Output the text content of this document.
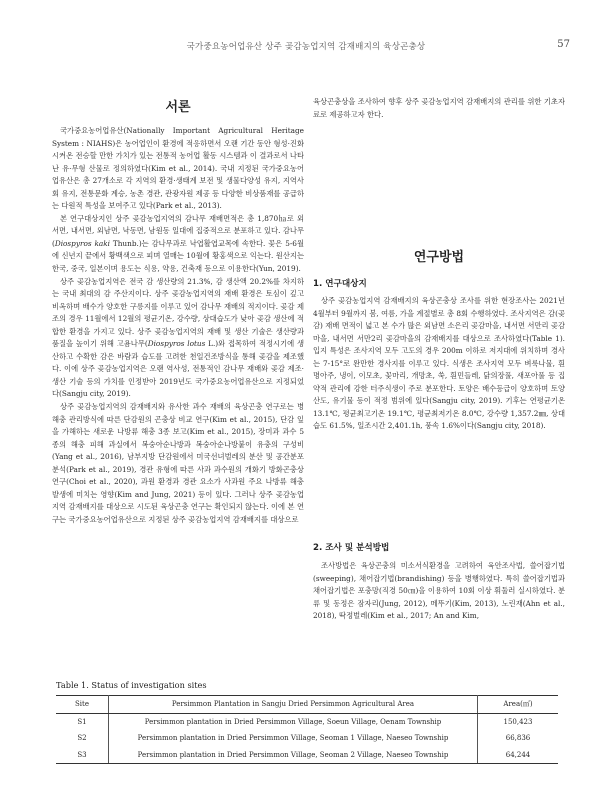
국가중요농어업유산 상주 곶감농업지역 감재배지의 육상곤충상	57
서론

국가중요농어업유산(Nationally Important Agricultural Heritage System : NIAHS)은 농어업인이 환경에 적응하면서 오랜 기간 동안 형성·진화시켜온 전승할 만한 가치가 있는 전통적 농어업 활동 시스템과 이 결과로서 나타난 유·무형 산물로 정의하였다(Kim et al., 2014). 국내 지정된 국가중요농어업유산은 총 27개소로 각 지역의 환경·생태계 보전 및 생물다양성 유지, 지역사회 유지, 전통문화 계승, 농촌 경관, 관광자원 제공 등 다양한 비상품재를 공급하는 다원적 특성을 보여주고 있다(Park et al., 2013).

본 연구대상지인 상주 곶감농업지역의 감나무 재배면적은 총 1,870㏊로 외서면, 내서면, 외남면, 낙동면, 남원동 일대에 집중적으로 분포하고 있다. 감나무(Diospyros kaki Thunb.)는 감나무과로 낙엽활엽교목에 속한다. 꽃은 5-6월에 신년지 끝에서 황백색으로 피며 열매는 10월에 황홍색으로 익는다. 원산지는 한국, 중국, 일본이며 용도는 식용, 약용, 건축재 등으로 이용한다(Yun, 2019).

상주 곶감농업지역은 전국 감 생산량의 21.3%, 감 생산액 20.2%를 차지하는 국내 최대의 감 주산지이다. 상주 곶감농업지역의 재배 환경은 토심이 깊고 비옥하며 배수가 양호한 구릉지를 이루고 있어 감나무 재배의 적지이다. 곶감 제조의 경우 11월에서 12월의 평균기온, 강수량, 상대습도가 낮아 곶감 생산에 적합한 환경을 가지고 있다. 상주 곶감농업지역의 재배 및 생산 기술은 생산량과 품질을 높이기 위해 고욤나무(Diospyros lotus L.)와 접목하여 적정시기에 생산하고 수확한 감은 바람과 습도를 고려한 천일건조방식을 통해 곶감을 제조했다. 이에 상주 곶감농업지역은 오랜 역사성, 전통적인 감나무 재배와 곶감 제조·생산 기술 등의 가치를 인정받아 2019년도 국가중요농어업유산으로 지정되었다(Sangju city, 2019).

상주 곶감농업지역의 감재배지와 유사한 과수 재배의 육상곤충 연구로는 병해충 관리방식에 따른 단감원의 곤충상 비교 연구(Kim et al., 2015), 단감 잎을 가해하는 새로운 나방류 해충 3종 보고(Kim et al., 2015), 장미과 과수 5종의 해충 피해 과실에서 복숭아순나방과 복숭아순나방붙이 유충의 구성비(Yang et al., 2016), 남부지방 단감원에서 미국선녀벌레의 분산 및 공간분포 분석(Park et al., 2019), 경관 유형에 따른 사과 과수원의 개화기 방화곤충상 연구(Choi et al., 2020), 과원 환경과 경관 요소가 사과원 주요 나방류 해충 발생에 미치는 영향(Kim and Jung, 2021) 등이 있다. 그러나 상주 곶감농업지역 감재배지를 대상으로 시도된 육상곤충 연구는 확인되지 않는다. 이에 본 연구는 국가중요농어업유산으로 지정된 상주 곶감농업지역 감재배지를 대상으로

육상곤충상을 조사하여 향후 상주 곶감농업지역 감재배지의 관리를 위한 기초자료로 제공하고자 한다.

연구방법
1. 연구대상지

상주 곶감농업지역 감재배지의 육상곤충상 조사를 위한 현장조사는 2021년 4월부터 9월까지 봄, 여름, 가을 계절별로 총 8회 수행하였다. 조사지역은 감(곶감) 재배 면적이 넓고 본 수가 많은 외남면 소은리 곶감마을, 내서면 서만리 곶감마을, 내서면 서만2리 곶감마을의 감재배지를 대상으로 조사하였다(Table 1). 입지 특성은 조사지역 모두 고도의 경우 200m 이하로 저지대에 위치하며 경사는 7-15°로 완만한 경사지를 이루고 있다. 식생은 조사지역 모두 벼룩나물, 흰명아주, 냉이, 이모초, 꽃마리, 개망초, 쑥, 흰민들레, 닭의장풀, 새포아풀 등 집약적 관리에 강한 터주식생이 주로 분포한다. 토양은 배수등급이 양호하며 토양산도, 유기물 등이 적정 범위에 있다(Sangju city, 2019). 기후는 연평균기온 13.1℃, 평균최고기온 19.1℃, 평균최저기온 8.0℃, 강수량 1,357.2㎜, 상대습도 61.5%, 일조시간 2,401.1h, 풍속 1.6%이다(Sangju city, 2018).

2. 조사 및 분석방법

조사방법은 육상곤충의 미소서식환경을 고려하여 육안조사법, 쓸어잡기법(sweeping), 채어잡기법(brandishing) 등을 병행하였다. 특히 쓸어잡기법과 채어잡기법은 포충망(직경 50㎝)을 이용하여 10회 이상 휘둘러 실시하였다. 분류 및 동정은 잠자리(Jung, 2012), 메뚜기(Kim, 2013), 노린재(Ahn et al., 2018), 딱정벌레(Kim et al., 2017; An and Kim,

Table 1. Status of investigation sites
Site	Persimmon Plantation in Sangju Dried Persimmon Agricultural Area	Area(㎡)
S1	Persimmon plantation in Dried Persimmon Village, Soeun Village, Oenam Township	150,423
S2	Persimmon plantation in Dried Persimmon Village, Seoman 1 Village, Naeseo Township	66,836
S3	Persimmon plantation in Dried Persimmon Village, Seoman 2 Village, Naeseo Township	64,244
